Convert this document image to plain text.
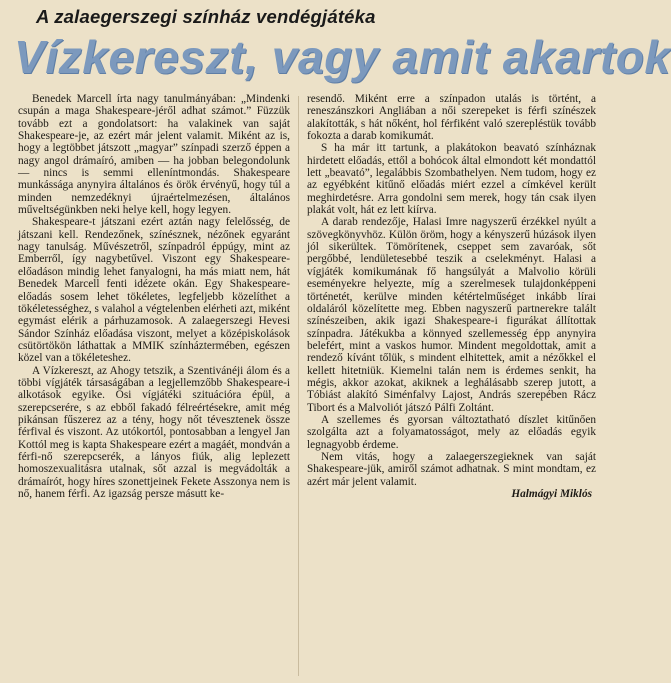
A zalaegerszegi színház vendégjátéka
Vízkereszt, vagy amit akartok

Benedek Marcell írta nagy tanulmányában: „Mindenki csupán a maga Shakespeare-jéről adhat számot.” Füzzük tovább ezt a gondolatsort: ha valakinek van saját Shakespeare-je, az ezért már jelent valamit. Miként az is, hogy a legtöbbet játszott „magyar” színpadi szerző éppen a nagy angol drámaíró, amiben — ha jobban belegondolunk — nincs is semmi elleníntmondás. Shakespeare munkássága anynyira általános és örök érvényű, hogy túl a minden nemzedéknyi újraértelmezésen, általános műveltségünkben neki helye kell, hogy legyen.

Shakespeare-t játszani ezért aztán nagy felelősség, de játszani kell. Rendezőnek, színésznek, nézőnek egyaránt nagy tanulság. Művészetről, színpadról éppúgy, mint az Emberről, így nagybetűvel. Viszont egy Shakespeare-előadáson mindig lehet fanyalogni, ha más miatt nem, hát Benedek Marcell fenti idézete okán. Egy Shakespeare-előadás sosem lehet tökéletes, legfeljebb közelíthet a tökéletességhez, s valahol a végtelenben elérheti azt, miként egymást elérik a párhuzamosok. A zalaegerszegi Hevesi Sándor Színház előadása viszont, melyet a középiskolások csütörtökön láthattak a MMIK színháztermében, egészen közel van a tökéleteshez.

A Vízkereszt, az Ahogy tetszik, a Szentivánéji álom és a többi vígjáték társaságában a legjellemzőbb Shakespeare-i alkotások egyike. Ősi vígjátéki szituációra épül, a szerepcserére, s az ebből fakadó félreértésekre, amit még pikánsan fűszerez az a tény, hogy nőt tévesztenek össze férfival és viszont. Az utókortól, pontosabban a lengyel Jan Kottól meg is kapta Shakespeare ezért a magáét, mondván a férfi-nő szerepcserék, a lányos fiúk, alig leplezett homoszexualitásra utalnak, sőt azzal is megvádolták a drámaírót, hogy híres szonettjeinek Fekete Asszonya nem is nő, hanem férfi. Az igazság persze másutt ke-

resendő. Miként erre a színpadon utalás is történt, a reneszánszkori Angliában a női szerepeket is férfi színészek alakították, s hát nőként, hol férfiként való szerepléstük tovább fokozta a darab komikumát.

S ha már itt tartunk, a plakátokon beavató színháznak hirdetett előadás, ettől a bohócok által elmondott két mondattól lett „beavató”, legalábbis Szombathelyen. Nem tudom, hogy ez az egyébként kitűnő előadás miért ezzel a címkével került meghirdetésre. Arra gondolni sem merek, hogy tán csak ilyen plakát volt, hát ez lett kiírva.

A darab rendezője, Halasi Imre nagyszerű érzékkel nyúlt a szövegkönyvhöz. Külön öröm, hogy a kényszerű húzások ilyen jól sikerültek. Tömörítenek, cseppet sem zavaróak, sőt pergőbbé, lendületesebbé teszik a cselekményt. Halasi a vígjáték komikumának fő hangsúlyát a Malvolio körüli eseményekre helyezte, míg a szerelmesek tulajdonképpeni történetét, kerülve minden kétértelműséget inkább lírai oldaláról közelítette meg. Ebben nagyszerű partnerekre talált színészeiben, akik igazi Shakespeare-i figurákat állítottak színpadra. Játékukba a könnyed szellemesség épp anynyira belefért, mint a vaskos humor. Mindent megoldottak, amit a rendező kívánt tőlük, s mindent elhitettek, amit a nézőkkel el kellett hitetniük. Kiemelni talán nem is érdemes senkit, ha mégis, akkor azokat, akiknek a leghálásabb szerep jutott, a Tóbiást alakító Siménfalvy Lajost, András szerepében Rácz Tibort és a Malvoliót játszó Pálfi Zoltánt.

A szellemes és gyorsan változtatható díszlet kitűnően szolgálta azt a folyamatosságot, mely az előadás egyik legnagyobb érdeme.

Nem vitás, hogy a zalaegerszegieknek van saját Shakespeare-jük, amiről számot adhatnak. S mint mondtam, ez azért már jelent valamit.

Halmágyi Miklós
